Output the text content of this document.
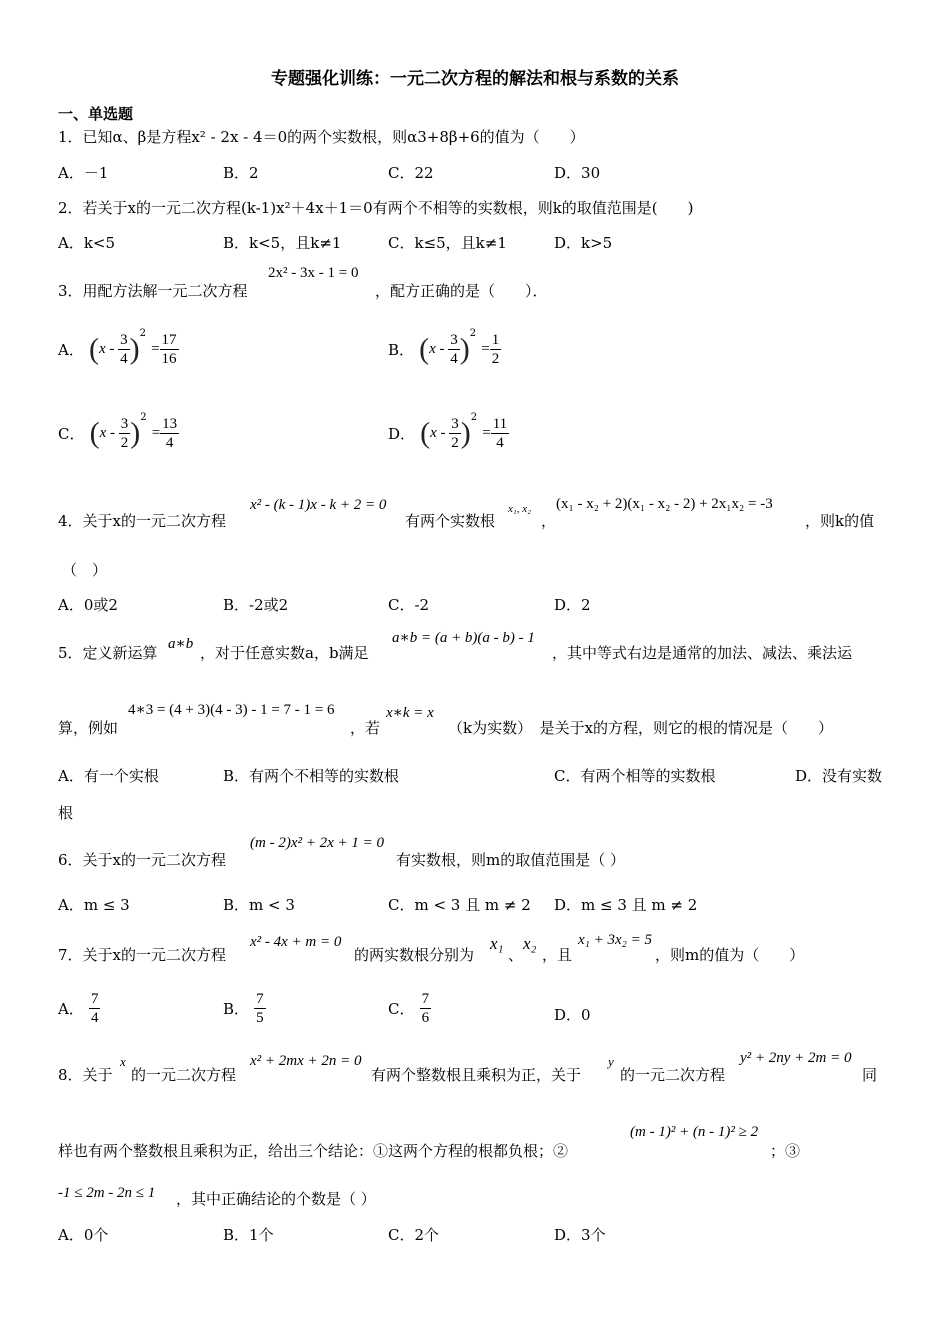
专题强化训练：一元二次方程的解法和根与系数的关系
一、单选题
1．已知α、β是方程x² - 2x - 4＝0的两个实数根，则α3+8β+6的值为（　　）
A．－1	B．2	C．22	D．30
2．若关于x的一元二次方程(k-1)x²＋4x＋1＝0有两个不相等的实数根，则k的取值范围是(　　)
A．k<5	B．k<5，且k≠1	C．k≤5，且k≠1	D．k>5
3．用配方法解一元二次方程
2x² - 3x - 1 = 0
，配方正确的是（　　）．
A． $(x - \frac{3}{4} )^2 = \frac{17}{16}$	B． $(x - \frac{3}{4} )^2 = \frac{1}{2}$
C． $(x - \frac{3}{2} )^2 = \frac{13}{4}$	D． $(x - \frac{3}{2} )^2 = \frac{11}{4}$
4．关于x的一元二次方程
x² - (k - 1)x - k + 2 = 0
有两个实数根
x₁, x₂
，
(x₁ - x₂ + 2)(x₁ - x₂ - 2) + 2x₁x₂ = -3
，则k的值
（　）
A．0或2	B．-2或2	C．-2	D．2
5．定义新运算 a∗b ，对于任意实数a，b满足
a∗b = (a + b)(a - b) - 1
，其中等式右边是通常的加法、减法、乘法运
算，例如
4∗3 = (4 + 3)(4 - 3) - 1 = 7 - 1 = 6
，若
x∗k = x
（k为实数）　是关于x的方程，则它的根的情况是（　　）
A．有一个实根	B．有两个不相等的实数根	C．有两个相等的实数根	D．没有实数
根
6．关于x的一元二次方程
(m - 2)x² + 2x + 1 = 0
有实数根，则m的取值范围是（ ）
A．m ≤ 3	B．m < 3	C．m < 3 且 m ≠ 2 D．m ≤ 3 且 m ≠ 2
7．关于x的一元二次方程
x² - 4x + m = 0
的两实数根分别为
x₁
、
x₂
，且
x₁ + 3x₂ = 5
，则m的值为（　　）
A． $\frac{7}{4}$	B． $\frac{7}{5}$	C． $\frac{7}{6}$	D．0
8．关于
x
的一元二次方程
x² + 2mx + 2n = 0
有两个整数根且乘积为正，关于
y
的一元二次方程
y² + 2ny + 2m = 0
同
样也有两个整数根且乘积为正，给出三个结论：①这两个方程的根都负根；②
(m - 1)² + (n - 1)² ≥ 2
；③
-1 ≤ 2m - 2n ≤ 1 ，其中正确结论的个数是（ ）
A．0个	B．1个	C．2个	D．3个
